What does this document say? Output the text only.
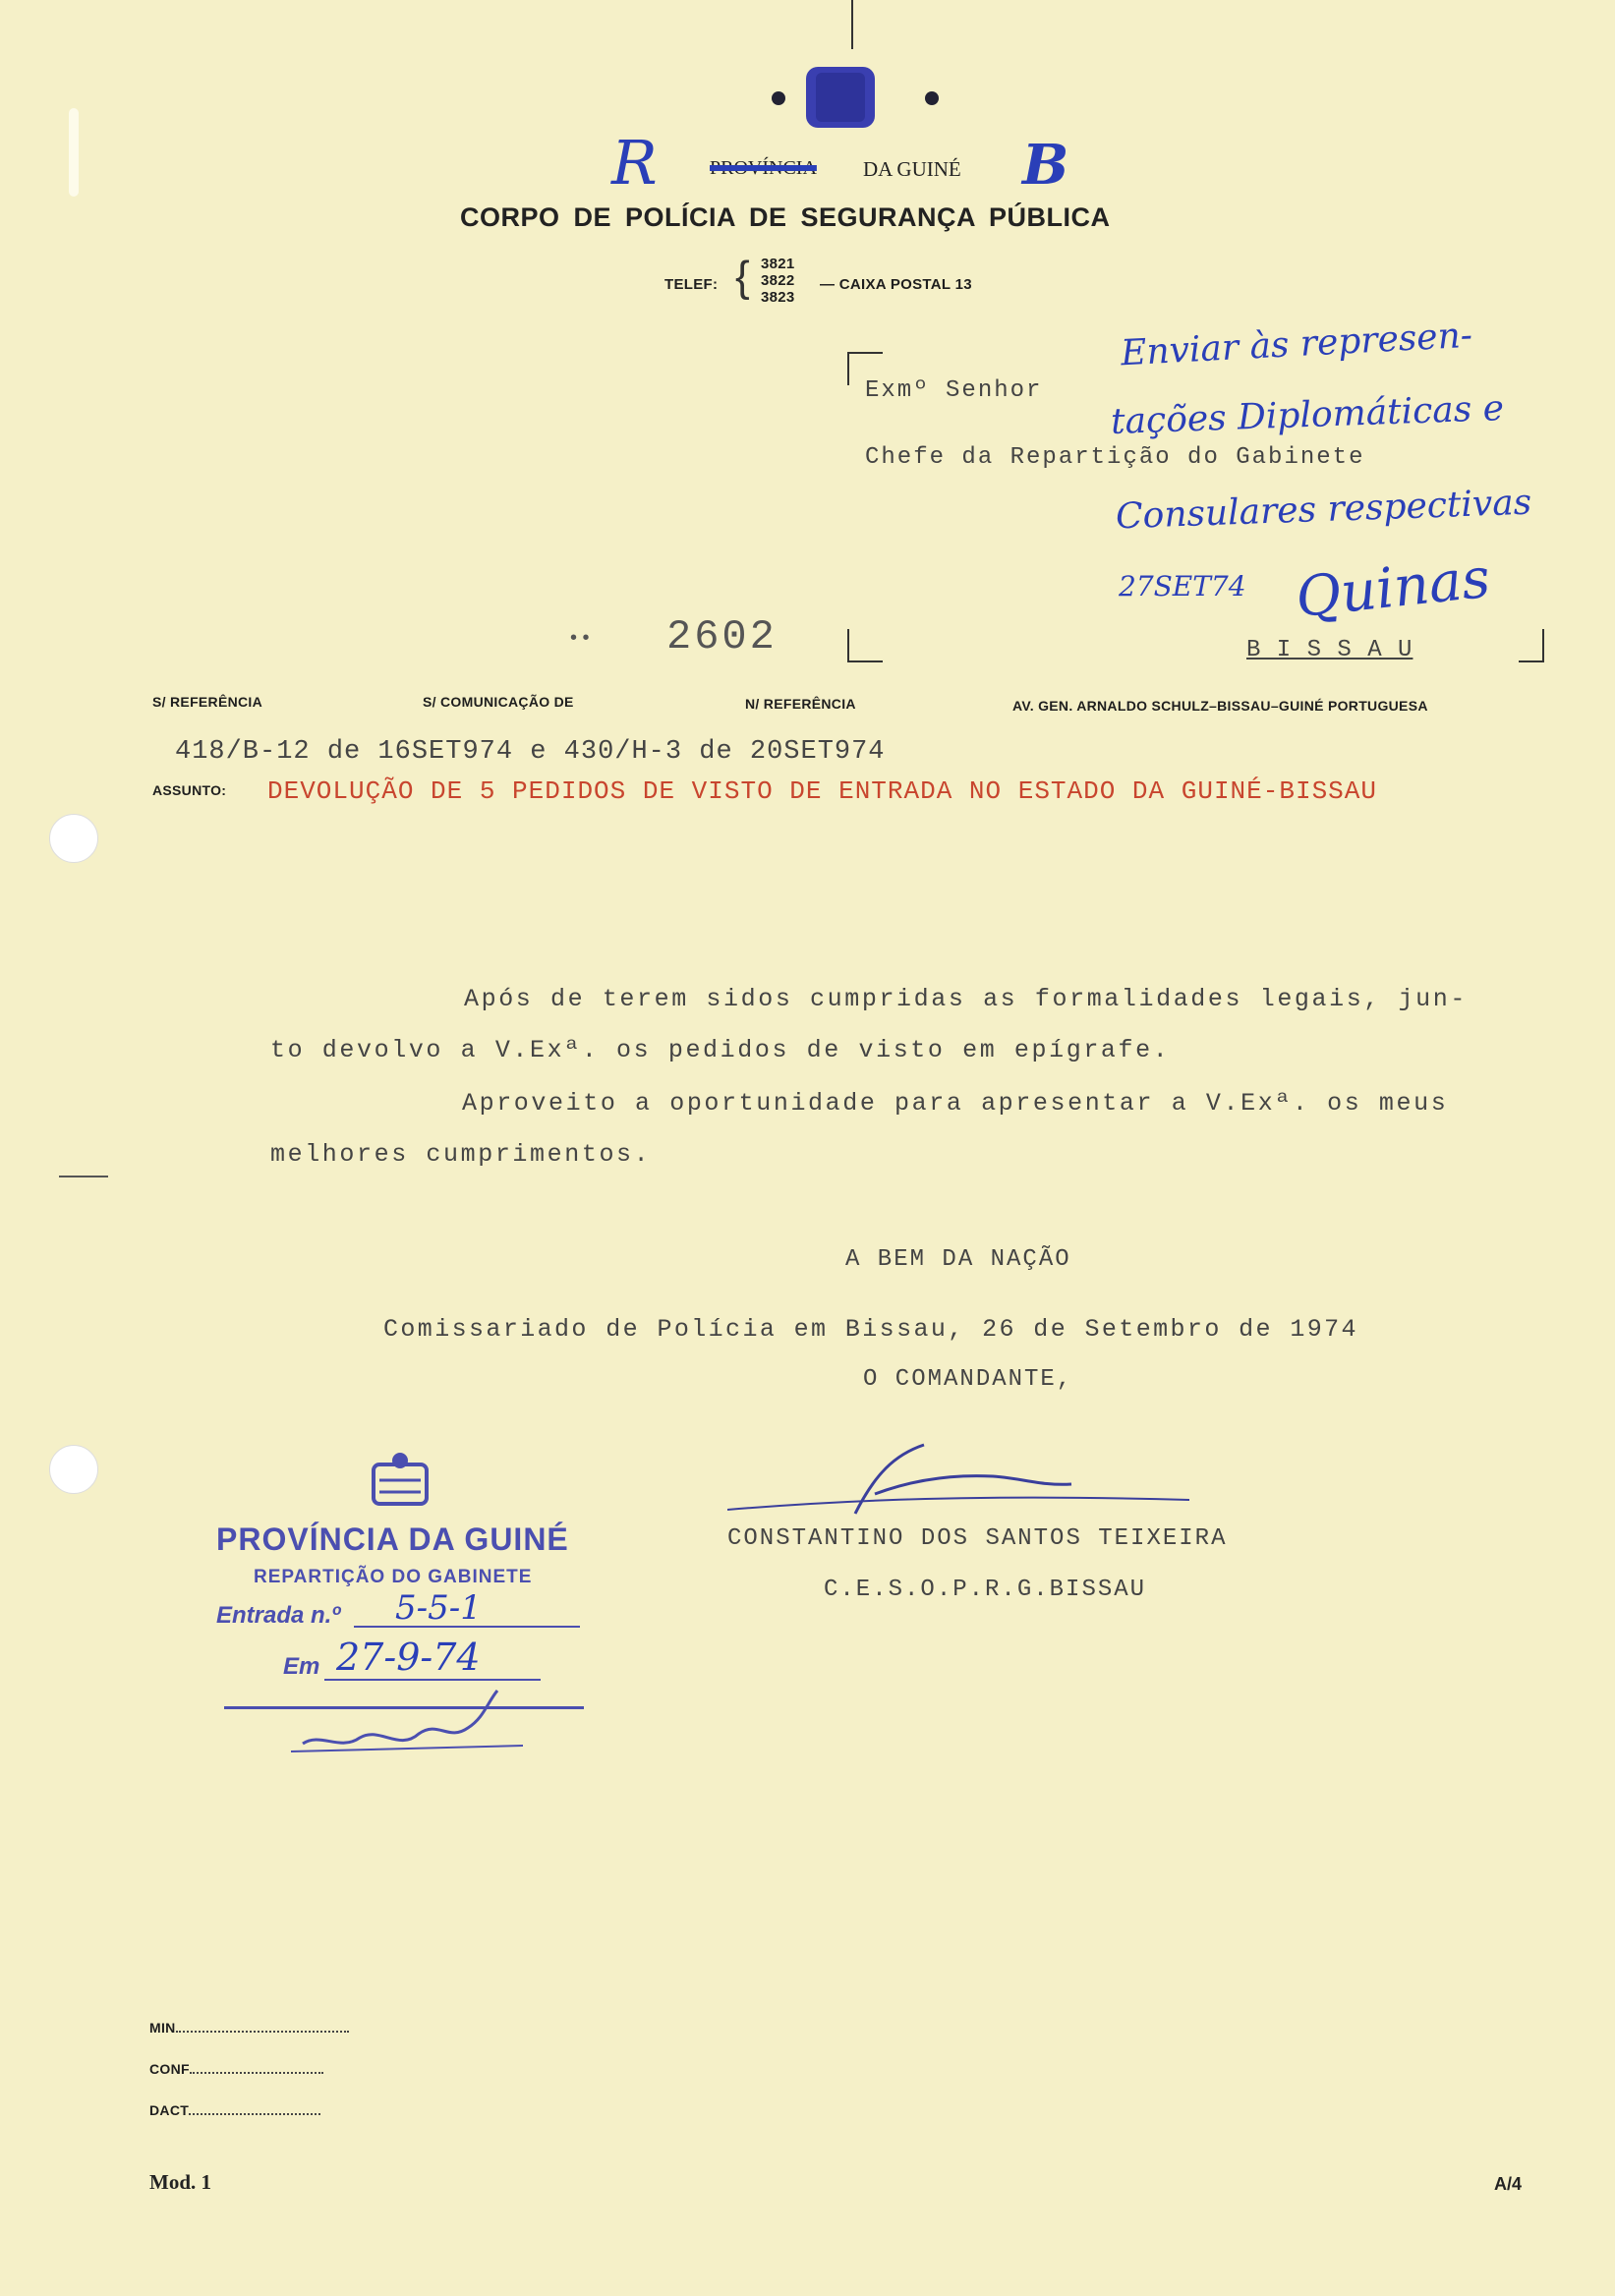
R	PROVÍNCIA DA GUINÉ B
CORPO DE POLÍCIA DE SEGURANÇA PÚBLICA
TELEF: { 3821
3822
3823
— CAIXA POSTAL 13
Exmº Senhor
Chefe da Repartição do Gabinete
B I S S A U
Enviar às represen-
tações Diplomáticas e
Consulares respectivas
27SET74 Quinas
• • 2602
S/ REFERÊNCIA	S/ COMUNICAÇÃO DE	N/ REFERÊNCIA	AV. GEN. ARNALDO SCHULZ–BISSAU–GUINÉ PORTUGUESA
418/B-12 de 16SET974 e 430/H-3 de 20SET974
ASSUNTO: DEVOLUÇÃO DE 5 PEDIDOS DE VISTO DE ENTRADA NO ESTADO DA GUINÉ-BISSAU
Após de terem sidos cumpridas as formalidades legais, jun-
to devolvo a V.Exª. os pedidos de visto em epígrafe.
Aproveito a oportunidade para apresentar a V.Exª. os meus
melhores cumprimentos.
A BEM DA NAÇÃO
Comissariado de Polícia em Bissau, 26 de Setembro de 1974
O COMANDANTE,
CONSTANTINO DOS SANTOS TEIXEIRA
C.E.S.O.P.R.G.BISSAU
PROVÍNCIA DA GUINÉ
REPARTIÇÃO DO GABINETE
Entrada n.º 5-5-1
Em 27-9-74
MIN
CONF
DACT
Mod. 1	A/4
